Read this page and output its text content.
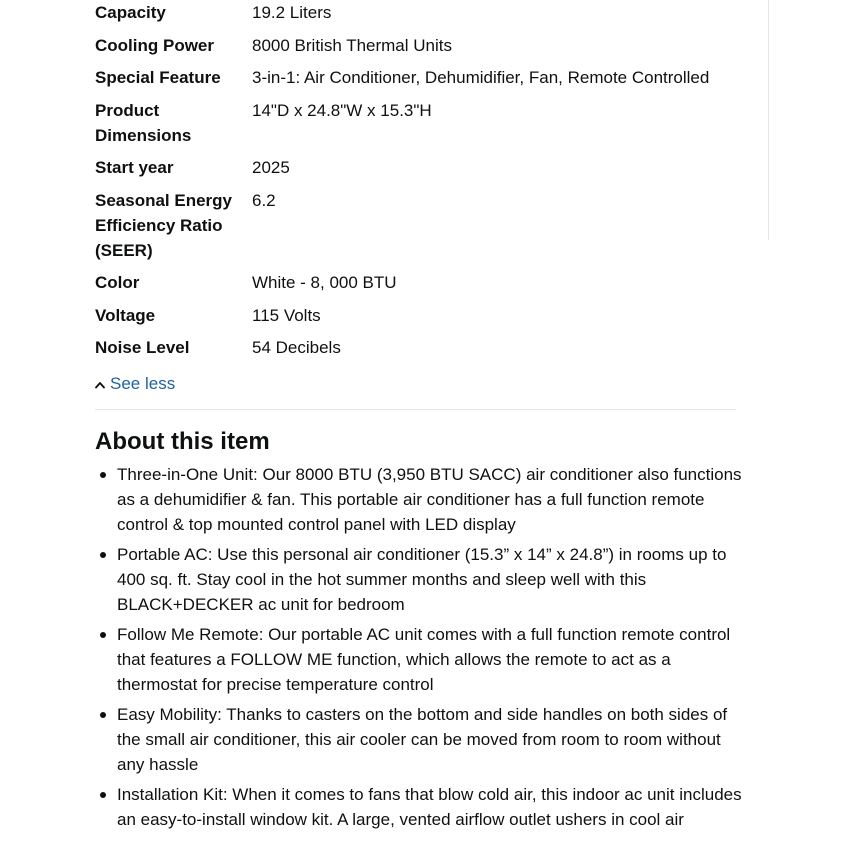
Capacity	19.2 Liters
Cooling Power	8000 British Thermal Units
Special Feature	3-in-1: Air Conditioner, Dehumidifier, Fan, Remote Controlled
Product Dimensions	14"D x 24.8"W x 15.3"H
Start year	2025
Seasonal Energy Efficiency Ratio (SEER)	6.2
Color	White - 8, 000 BTU
Voltage	115 Volts
Noise Level	54 Decibels
See less
About this item
Three-in-One Unit: Our 8000 BTU (3,950 BTU SACC) air conditioner also functions as a dehumidifier & fan. This portable air conditioner has a full function remote control & top mounted control panel with LED display
Portable AC: Use this personal air conditioner (15.3” x 14” x 24.8”) in rooms up to 400 sq. ft. Stay cool in the hot summer months and sleep well with this BLACK+DECKER ac unit for bedroom
Follow Me Remote: Our portable AC unit comes with a full function remote control that features a FOLLOW ME function, which allows the remote to act as a thermostat for precise temperature control
Easy Mobility: Thanks to casters on the bottom and side handles on both sides of the small air conditioner, this air cooler can be moved from room to room without any hassle
Installation Kit: When it comes to fans that blow cold air, this indoor ac unit includes an easy-to-install window kit. A large, vented airflow outlet ushers in cool air
